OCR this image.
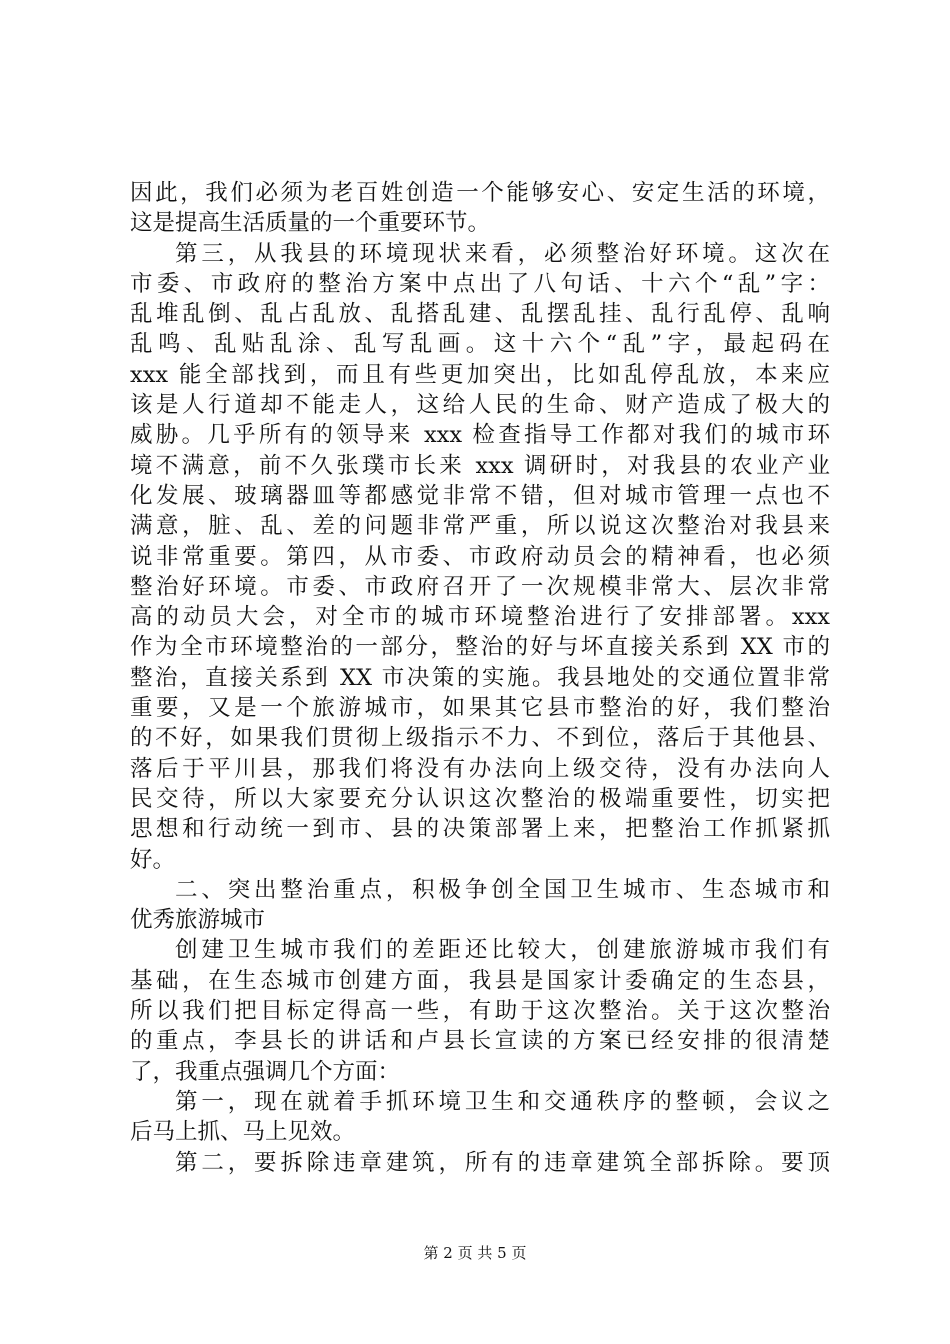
因此，我们必须为老百姓创造一个能够安心、安定生活的环境，
这是提高生活质量的一个重要环节。
第三，从我县的环境现状来看，必须整治好环境。这次在
市委、市政府的整治方案中点出了八句话、十六个“乱”字：
乱堆乱倒、乱占乱放、乱搭乱建、乱摆乱挂、乱行乱停、乱响
乱鸣、乱贴乱涂、乱写乱画。这十六个“乱”字，最起码在
xxx 能全部找到，而且有些更加突出，比如乱停乱放，本来应
该是人行道却不能走人，这给人民的生命、财产造成了极大的
威胁。几乎所有的领导来 xxx 检查指导工作都对我们的城市环
境不满意，前不久张璞市长来 xxx 调研时，对我县的农业产业
化发展、玻璃器皿等都感觉非常不错，但对城市管理一点也不
满意，脏、乱、差的问题非常严重，所以说这次整治对我县来
说非常重要。第四，从市委、市政府动员会的精神看，也必须
整治好环境。市委、市政府召开了一次规模非常大、层次非常
高的动员大会，对全市的城市环境整治进行了安排部署。xxx
作为全市环境整治的一部分，整治的好与坏直接关系到 XX 市的
整治，直接关系到 XX 市决策的实施。我县地处的交通位置非常
重要，又是一个旅游城市，如果其它县市整治的好，我们整治
的不好，如果我们贯彻上级指示不力、不到位，落后于其他县、
落后于平川县，那我们将没有办法向上级交待，没有办法向人
民交待，所以大家要充分认识这次整治的极端重要性，切实把
思想和行动统一到市、县的决策部署上来，把整治工作抓紧抓
好。
二、突出整治重点，积极争创全国卫生城市、生态城市和
优秀旅游城市
创建卫生城市我们的差距还比较大，创建旅游城市我们有
基础，在生态城市创建方面，我县是国家计委确定的生态县，
所以我们把目标定得高一些，有助于这次整治。关于这次整治
的重点，李县长的讲话和卢县长宣读的方案已经安排的很清楚
了，我重点强调几个方面：
第一，现在就着手抓环境卫生和交通秩序的整顿，会议之
后马上抓、马上见效。
第二，要拆除违章建筑，所有的违章建筑全部拆除。要顶
第 2 页 共 5 页
